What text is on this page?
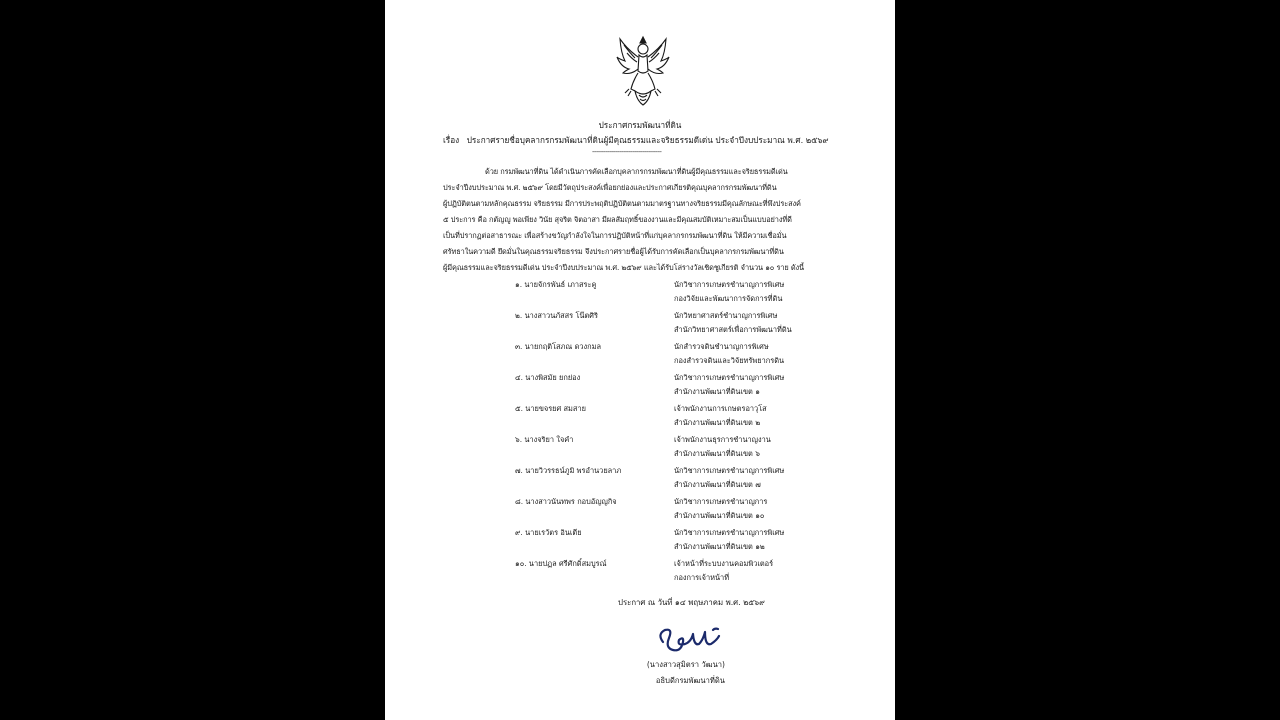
ประกาศกรมพัฒนาที่ดิน
เรื่อง ประกาศรายชื่อบุคลากรกรมพัฒนาที่ดินผู้มีคุณธรรมและจริยธรรมดีเด่น ประจำปีงบประมาณ พ.ศ. ๒๕๖๙
------------------------------------
ด้วย กรมพัฒนาที่ดิน ได้ดำเนินการคัดเลือกบุคลากรกรมพัฒนาที่ดินผู้มีคุณธรรมและจริยธรรมดีเด่น
ประจำปีงบประมาณ พ.ศ. ๒๕๖๙ โดยมีวัตถุประสงค์เพื่อยกย่องและประกาศเกียรติคุณบุคลากรกรมพัฒนาที่ดิน
ผู้ปฏิบัติตนตามหลักคุณธรรม จริยธรรม มีการประพฤติปฏิบัติตนตามมาตรฐานทางจริยธรรมมีคุณลักษณะที่พึงประสงค์
๕ ประการ คือ กตัญญู พอเพียง วินัย สุจริต จิตอาสา มีผลสัมฤทธิ์ของงานและมีคุณสมบัติเหมาะสมเป็นแบบอย่างที่ดี
เป็นที่ปรากฏต่อสาธารณะ เพื่อสร้างขวัญกำลังใจในการปฏิบัติหน้าที่แก่บุคลากรกรมพัฒนาที่ดิน ให้มีความเชื่อมั่น
ศรัทธาในความดี ยึดมั่นในคุณธรรมจริยธรรม จึงประกาศรายชื่อผู้ได้รับการคัดเลือกเป็นบุคลากรกรมพัฒนาที่ดิน
ผู้มีคุณธรรมและจริยธรรมดีเด่น ประจำปีงบประมาณ พ.ศ. ๒๕๖๙ และได้รับโล่รางวัลเชิดชูเกียรติ จำนวน ๑๐ ราย ดังนี้
๑. นายจักรพันธ์ เภาสระคู	นักวิชาการเกษตรชำนาญการพิเศษ
กองวิจัยและพัฒนาการจัดการที่ดิน
๒. นางสาวนภัสสร โน๊ตศิริ	นักวิทยาศาสตร์ชำนาญการพิเศษ
สำนักวิทยาศาสตร์เพื่อการพัฒนาที่ดิน
๓. นายกฤติโสภณ ดวงกมล	นักสำรวจดินชำนาญการพิเศษ
กองสำรวจดินและวิจัยทรัพยากรดิน
๔. นางพิสมัย ยกย่อง	นักวิชาการเกษตรชำนาญการพิเศษ
สำนักงานพัฒนาที่ดินเขต ๑
๕. นายขจรยศ สมสาย	เจ้าพนักงานการเกษตรอาวุโส
สำนักงานพัฒนาที่ดินเขต ๒
๖. นางจริยา ใจคำ	เจ้าพนักงานธุรการชำนาญงาน
สำนักงานพัฒนาที่ดินเขต ๖
๗. นายวิวรรธน์ภูมิ พรอำนวยลาภ	นักวิชาการเกษตรชำนาญการพิเศษ
สำนักงานพัฒนาที่ดินเขต ๗
๘. นางสาวนันทพร กอบอัญญกิจ	นักวิชาการเกษตรชำนาญการ
สำนักงานพัฒนาที่ดินเขต ๑๐
๙. นายเรวัตร อินเตีย	นักวิชาการเกษตรชำนาญการพิเศษ
สำนักงานพัฒนาที่ดินเขต ๑๒
๑๐. นายปฏล ศรีศักดิ์สมบูรณ์	เจ้าหน้าที่ระบบงานคอมพิวเตอร์
กองการเจ้าหน้าที่
ประกาศ ณ วันที่ ๑๔ พฤษภาคม พ.ศ. ๒๕๖๙
(นางสาวสุมิตรา วัฒนา)
อธิบดีกรมพัฒนาที่ดิน
